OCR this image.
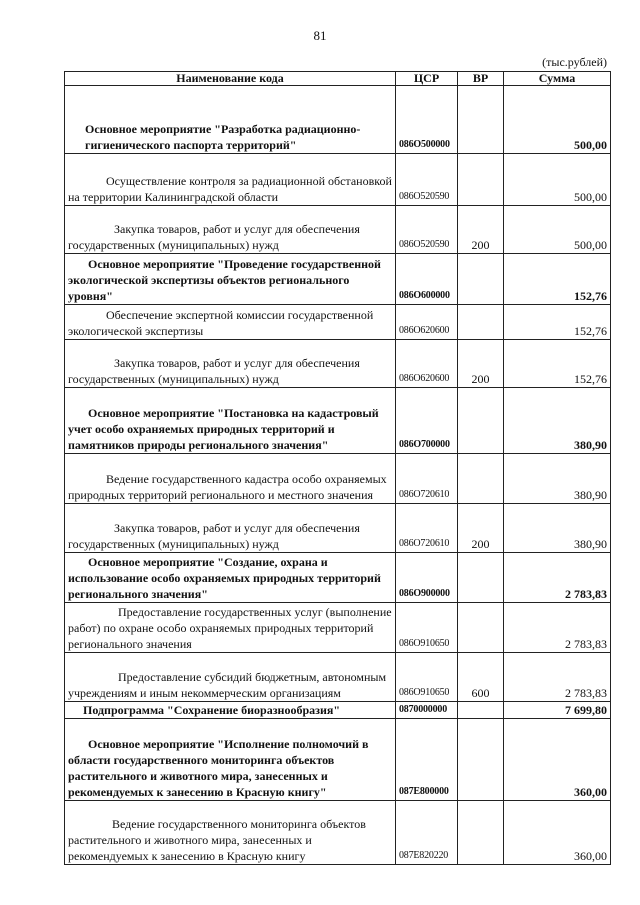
81
(тыс.рублей)
Наименование кода	ЦСР	ВР	Сумма
Основное мероприятие "Разработка радиационно-гигиенического паспорта территорий"	086О500000		500,00
Осуществление контроля за радиационной обстановкой на территории Калининградской области	086О520590		500,00
Закупка товаров, работ и услуг для обеспечения государственных (муниципальных) нужд	086О520590	200	500,00
Основное мероприятие "Проведение государственной экологической экспертизы объектов регионального уровня"	086О600000		152,76
Обеспечение экспертной комиссии государственной экологической экспертизы	086О620600		152,76
Закупка товаров, работ и услуг для обеспечения государственных (муниципальных) нужд	086О620600	200	152,76
Основное мероприятие "Постановка на кадастровый учет особо охраняемых природных территорий и памятников природы регионального значения"	086О700000		380,90
Ведение государственного кадастра особо охраняемых природных территорий регионального и местного значения	086О720610		380,90
Закупка товаров, работ и услуг для обеспечения государственных (муниципальных) нужд	086О720610	200	380,90
Основное мероприятие "Создание, охрана и использование особо охраняемых природных территорий регионального значения"	086О900000		2 783,83
Предоставление государственных услуг (выполнение работ) по охране особо охраняемых природных территорий регионального значения	086О910650		2 783,83
Предоставление субсидий бюджетным, автономным учреждениям и иным некоммерческим организациям	086О910650	600	2 783,83
Подпрограмма "Сохранение биоразнообразия"	0870000000		7 699,80
Основное мероприятие "Исполнение полномочий в области государственного мониторинга объектов растительного и животного мира, занесенных и рекомендуемых к занесению в Красную книгу"	087Е800000		360,00
Ведение государственного мониторинга объектов растительного и животного мира, занесенных и рекомендуемых к занесению в Красную книгу	087Е820220		360,00
